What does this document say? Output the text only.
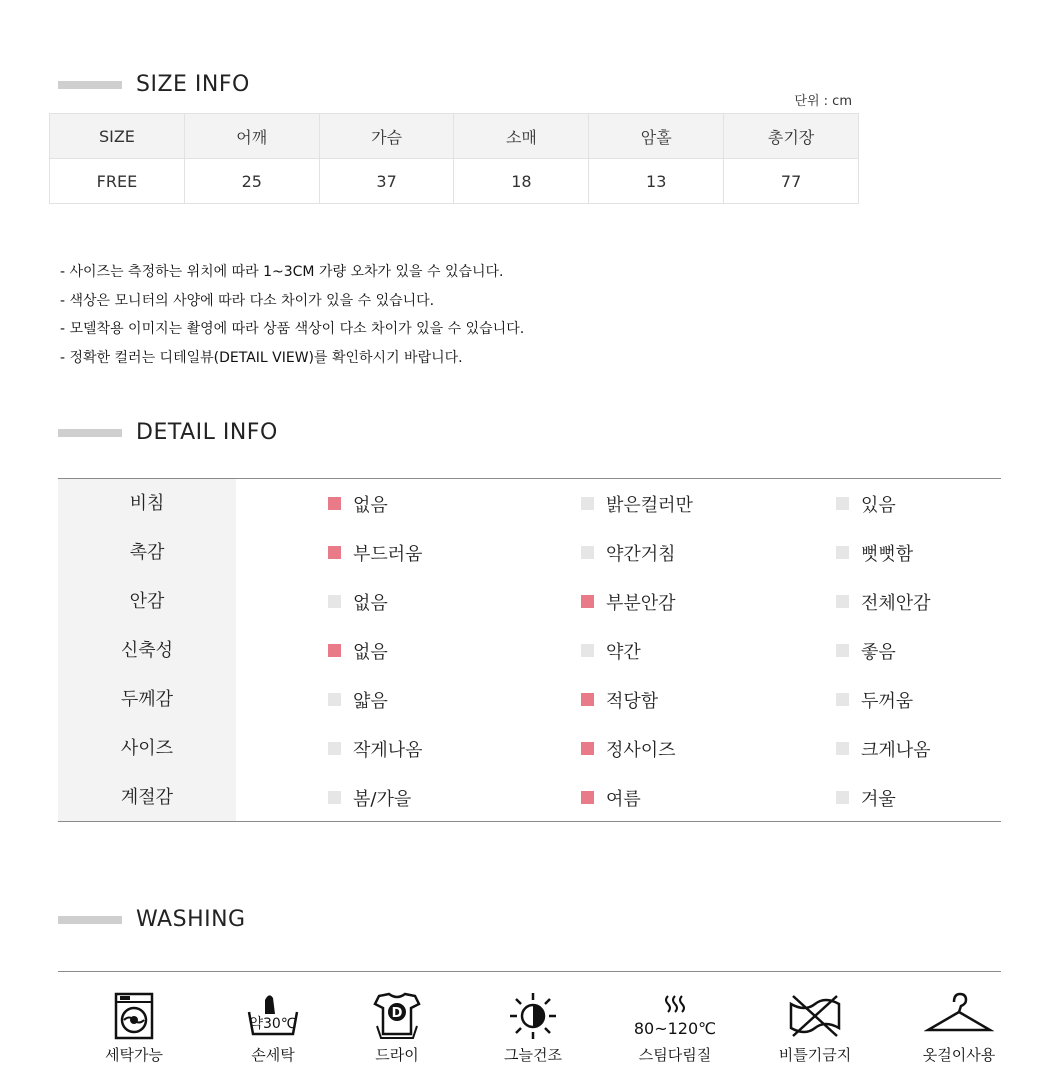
SIZE INFO
단위 : cm
SIZE	어깨	가슴	소매	암홀	총기장
FREE	25	37	18	13	77
- 사이즈는 측정하는 위치에 따라 1~3CM 가량 오차가 있을 수 있습니다.
- 색상은 모니터의 사양에 따라 다소 차이가 있을 수 있습니다.
- 모델착용 이미지는 촬영에 따라 상품 색상이 다소 차이가 있을 수 있습니다.
- 정확한 컬러는 디테일뷰(DETAIL VIEW)를 확인하시기 바랍니다.
DETAIL INFO
비침	없음	밝은컬러만	있음
촉감	부드러움	약간거침	뻣뻣함
안감	없음	부분안감	전체안감
신축성	없음	약간	좋음
두께감	얇음	적당함	두꺼움
사이즈	작게나옴	정사이즈	크게나옴
계절감	봄/가을	여름	겨울
WASHING
세탁가능
약30℃
손세탁
D
드라이	그늘건조
80~120℃
스팀다림질	비틀기금지	옷걸이사용
